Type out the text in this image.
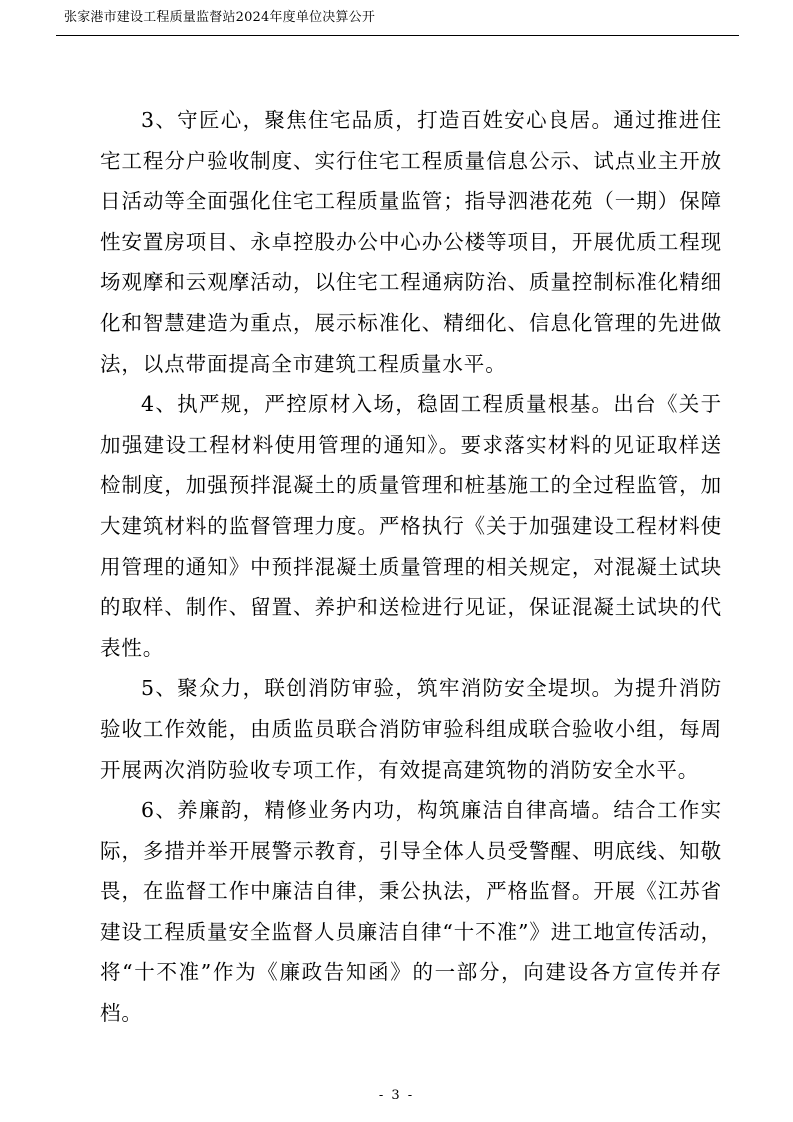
张家港市建设工程质量监督站2024年度单位决算公开

3、守匠心，聚焦住宅品质，打造百姓安心良居。通过推进住宅工程分户验收制度、实行住宅工程质量信息公示、试点业主开放日活动等全面强化住宅工程质量监管；指导泗港花苑（一期）保障性安置房项目、永卓控股办公中心办公楼等项目，开展优质工程现场观摩和云观摩活动，以住宅工程通病防治、质量控制标准化精细化和智慧建造为重点，展示标准化、精细化、信息化管理的先进做法，以点带面提高全市建筑工程质量水平。

4、执严规，严控原材入场，稳固工程质量根基。出台《关于加强建设工程材料使用管理的通知》。要求落实材料的见证取样送检制度，加强预拌混凝土的质量管理和桩基施工的全过程监管，加大建筑材料的监督管理力度。严格执行《关于加强建设工程材料使用管理的通知》中预拌混凝土质量管理的相关规定，对混凝土试块的取样、制作、留置、养护和送检进行见证，保证混凝土试块的代表性。

5、聚众力，联创消防审验，筑牢消防安全堤坝。为提升消防验收工作效能，由质监员联合消防审验科组成联合验收小组，每周开展两次消防验收专项工作，有效提高建筑物的消防安全水平。

6、养廉韵，精修业务内功，构筑廉洁自律高墙。结合工作实际，多措并举开展警示教育，引导全体人员受警醒、明底线、知敬畏，在监督工作中廉洁自律，秉公执法，严格监督。开展《江苏省建设工程质量安全监督人员廉洁自律“十不准”》进工地宣传活动，将“十不准”作为《廉政告知函》的一部分，向建设各方宣传并存档。

- 3 -
